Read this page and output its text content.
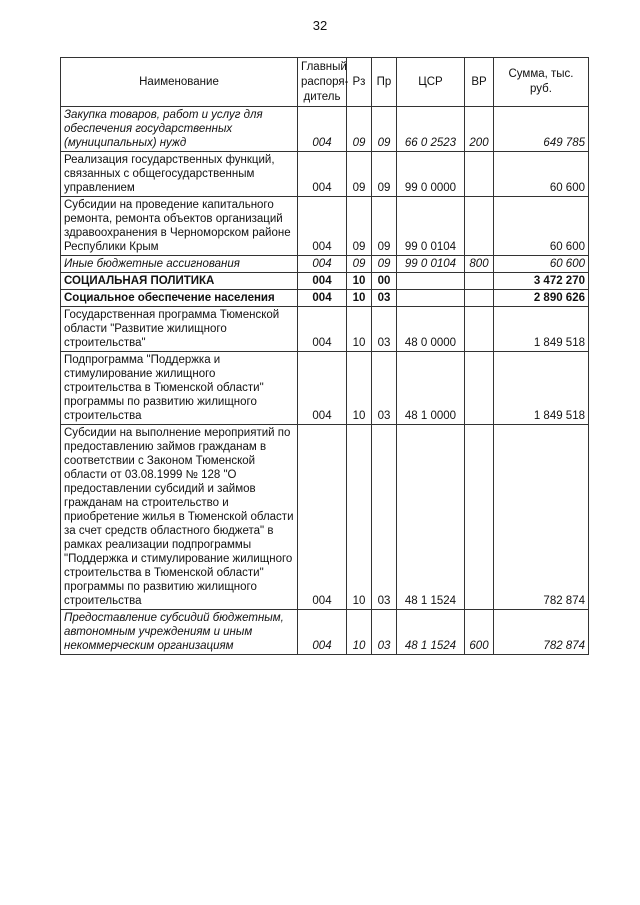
32
Наименование	Главный распоря-дитель	Рз	Пр	ЦСР	ВР	Сумма, тыс. руб.
Закупка товаров, работ и услуг для обеспечения государственных (муниципальных) нужд	004	09	09	66 0 2523	200	649 785
Реализация государственных функций, связанных с общегосударственным управлением	004	09	09	99 0 0000		60 600
Субсидии на проведение капитального ремонта, ремонта объектов организаций здравоохранения в Черноморском районе Республики Крым	004	09	09	99 0 0104		60 600
Иные бюджетные ассигнования	004	09	09	99 0 0104	800	60 600
СОЦИАЛЬНАЯ ПОЛИТИКА	004	10	00			3 472 270
Социальное обеспечение населения	004	10	03			2 890 626
Государственная программа Тюменской области "Развитие жилищного строительства"	004	10	03	48 0 0000		1 849 518
Подпрограмма "Поддержка и стимулирование жилищного строительства в Тюменской области" программы по развитию жилищного строительства	004	10	03	48 1 0000		1 849 518
Субсидии на выполнение мероприятий по предоставлению займов гражданам в соответствии с Законом Тюменской области от 03.08.1999 № 128 "О предоставлении субсидий и займов гражданам на строительство и приобретение жилья в Тюменской области за счет средств областного бюджета" в рамках реализации подпрограммы "Поддержка и стимулирование жилищного строительства в Тюменской области" программы по развитию жилищного строительства	004	10	03	48 1 1524		782 874
Предоставление субсидий бюджетным, автономным учреждениям и иным некоммерческим организациям	004	10	03	48 1 1524	600	782 874
